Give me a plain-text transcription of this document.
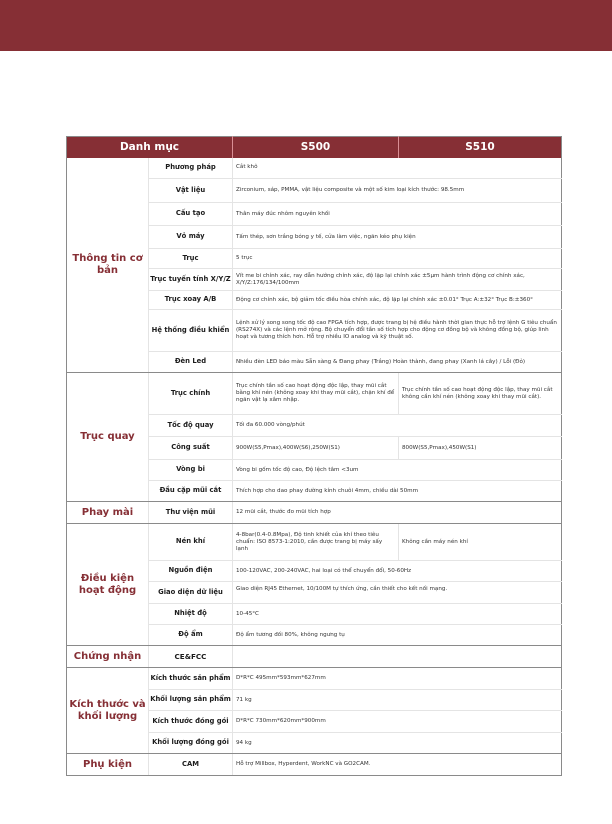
Danh mục		S500	S510
Thông tin cơ bản	Phương pháp	Cắt khô	
	Vật liệu	Zirconium, sáp, PMMA, vật liệu composite và một số kim loại kích thước: 98.5mm	
	Cấu tạo	Thân máy đúc nhôm nguyên khối	
	Vỏ máy	Tấm thép, sơn trắng bóng y tế, cửa làm việc, ngăn kéo phụ kiện	
	Trục	5 trục	
	Trục tuyến tính X/Y/Z	Vít me bi chính xác, ray dẫn hướng chính xác, độ lặp lại chính xác ±5μm hành trình động cơ chính xác, X/Y/Z:176/134/100mm	
	Trục xoay A/B	Động cơ chính xác, bộ giảm tốc điều hòa chính xác, độ lặp lại chính xác ±0.01° Trục A:±32° Trục B:±360°	
	Hệ thống điều khiển	Lệnh xử lý song song tốc độ cao FPGA tích hợp, được trang bị hệ điều hành thời gian thực hỗ trợ lệnh G tiêu chuẩn (RS274X) và các lệnh mở rộng. Bộ chuyển đổi tần số tích hợp cho động cơ đồng bộ và không đồng bộ, giúp linh hoạt và tương thích hơn. Hỗ trợ nhiều IO analog và kỹ thuật số.	
	Đèn Led	Nhiều đèn LED báo màu Sẵn sàng & Đang phay (Trắng) Hoàn thành, đang phay (Xanh lá cây) / Lỗi (Đỏ)	
Trục quay	Trục chính	Trục chính tần số cao hoạt động độc lập, thay mũi cắt bằng khí nén (không xoay khi thay mũi cắt), chặn khí để ngăn vật lạ xâm nhập.	Trục chính tần số cao hoạt động độc lập, thay mũi cắt không cần khí nén (không xoay khi thay mũi cắt).
	Tốc độ quay	Tối đa 60.000 vòng/phút	
	Công suất	900W(S5,Pmax),400W(S6),250W(S1)	800W(S5,Pmax),450W(S1)
	Vòng bi	Vòng bi gốm tốc độ cao, Độ lệch tâm <3um	
	Đầu cặp mũi cắt	Thích hợp cho dao phay đường kính chuôi 4mm, chiều dài 50mm	
Phay mài	Thư viện mũi	12 mũi cắt, thước đo mũi tích hợp	
Điều kiện hoạt động	Nén khí	4-8bar(0.4-0.8Mpa), Độ tinh khiết của khí theo tiêu chuẩn: ISO 8573-1:2010, cần được trang bị máy sấy lạnh	Không cần máy nén khí
	Nguồn điện	100-120VAC, 200-240VAC, hai loại có thể chuyển đổi, 50-60Hz	
	Giao diện dữ liệu	Giao diện RJ45 Ethernet, 10/100M tự thích ứng, cần thiết cho kết nối mạng.	
	Nhiệt độ	10-45°C	
	Độ ẩm	Độ ẩm tương đối 80%, không ngưng tụ	
Chứng nhận	CE&FCC		
Kích thước và khối lượng	Kích thước sản phẩm	D*R*C 495mm*593mm*627mm	
	Khối lượng sản phẩm	71 kg	
	Kích thước đóng gói	D*R*C 730mm*620mm*900mm	
	Khối lượng đóng gói	94 kg	
Phụ kiện	CAM	Hỗ trợ Millbox, Hyperdent, WorkNC và GO2CAM.	
